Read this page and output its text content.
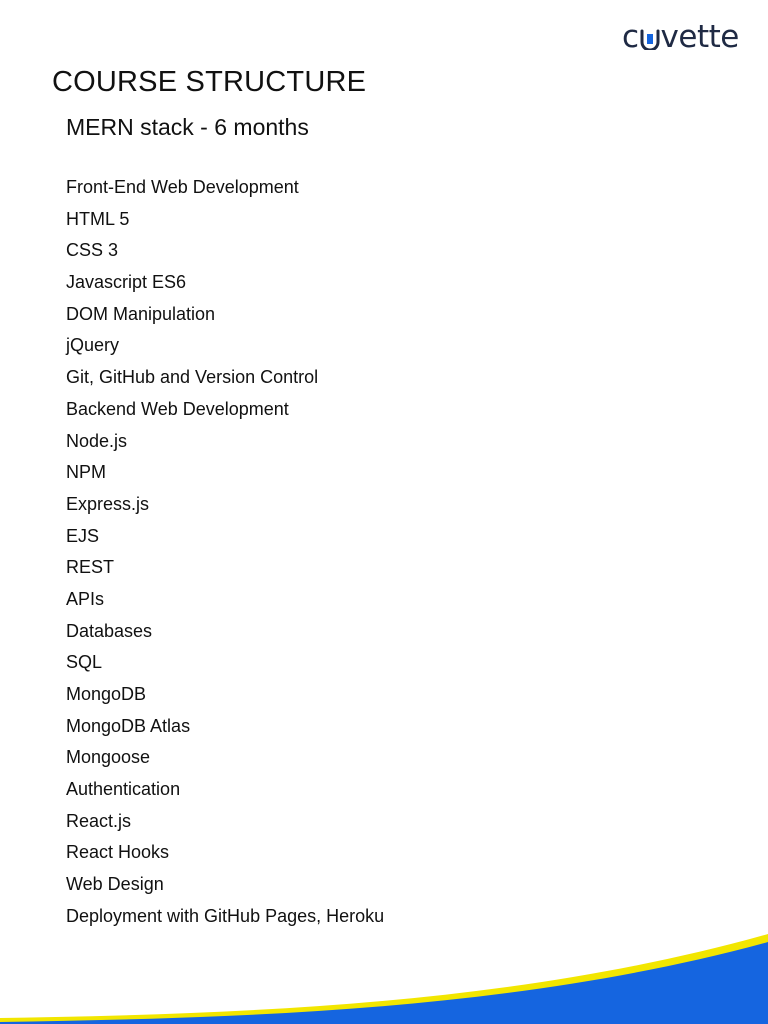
c vette
COURSE STRUCTURE
MERN stack - 6 months
Front-End Web Development
HTML 5
CSS 3
Javascript ES6
DOM Manipulation
jQuery
Git, GitHub and Version Control
Backend Web Development
Node.js
NPM
Express.js
EJS
REST
APIs
Databases
SQL
MongoDB
MongoDB Atlas
Mongoose
Authentication
React.js
React Hooks
Web Design
Deployment with GitHub Pages, Heroku
